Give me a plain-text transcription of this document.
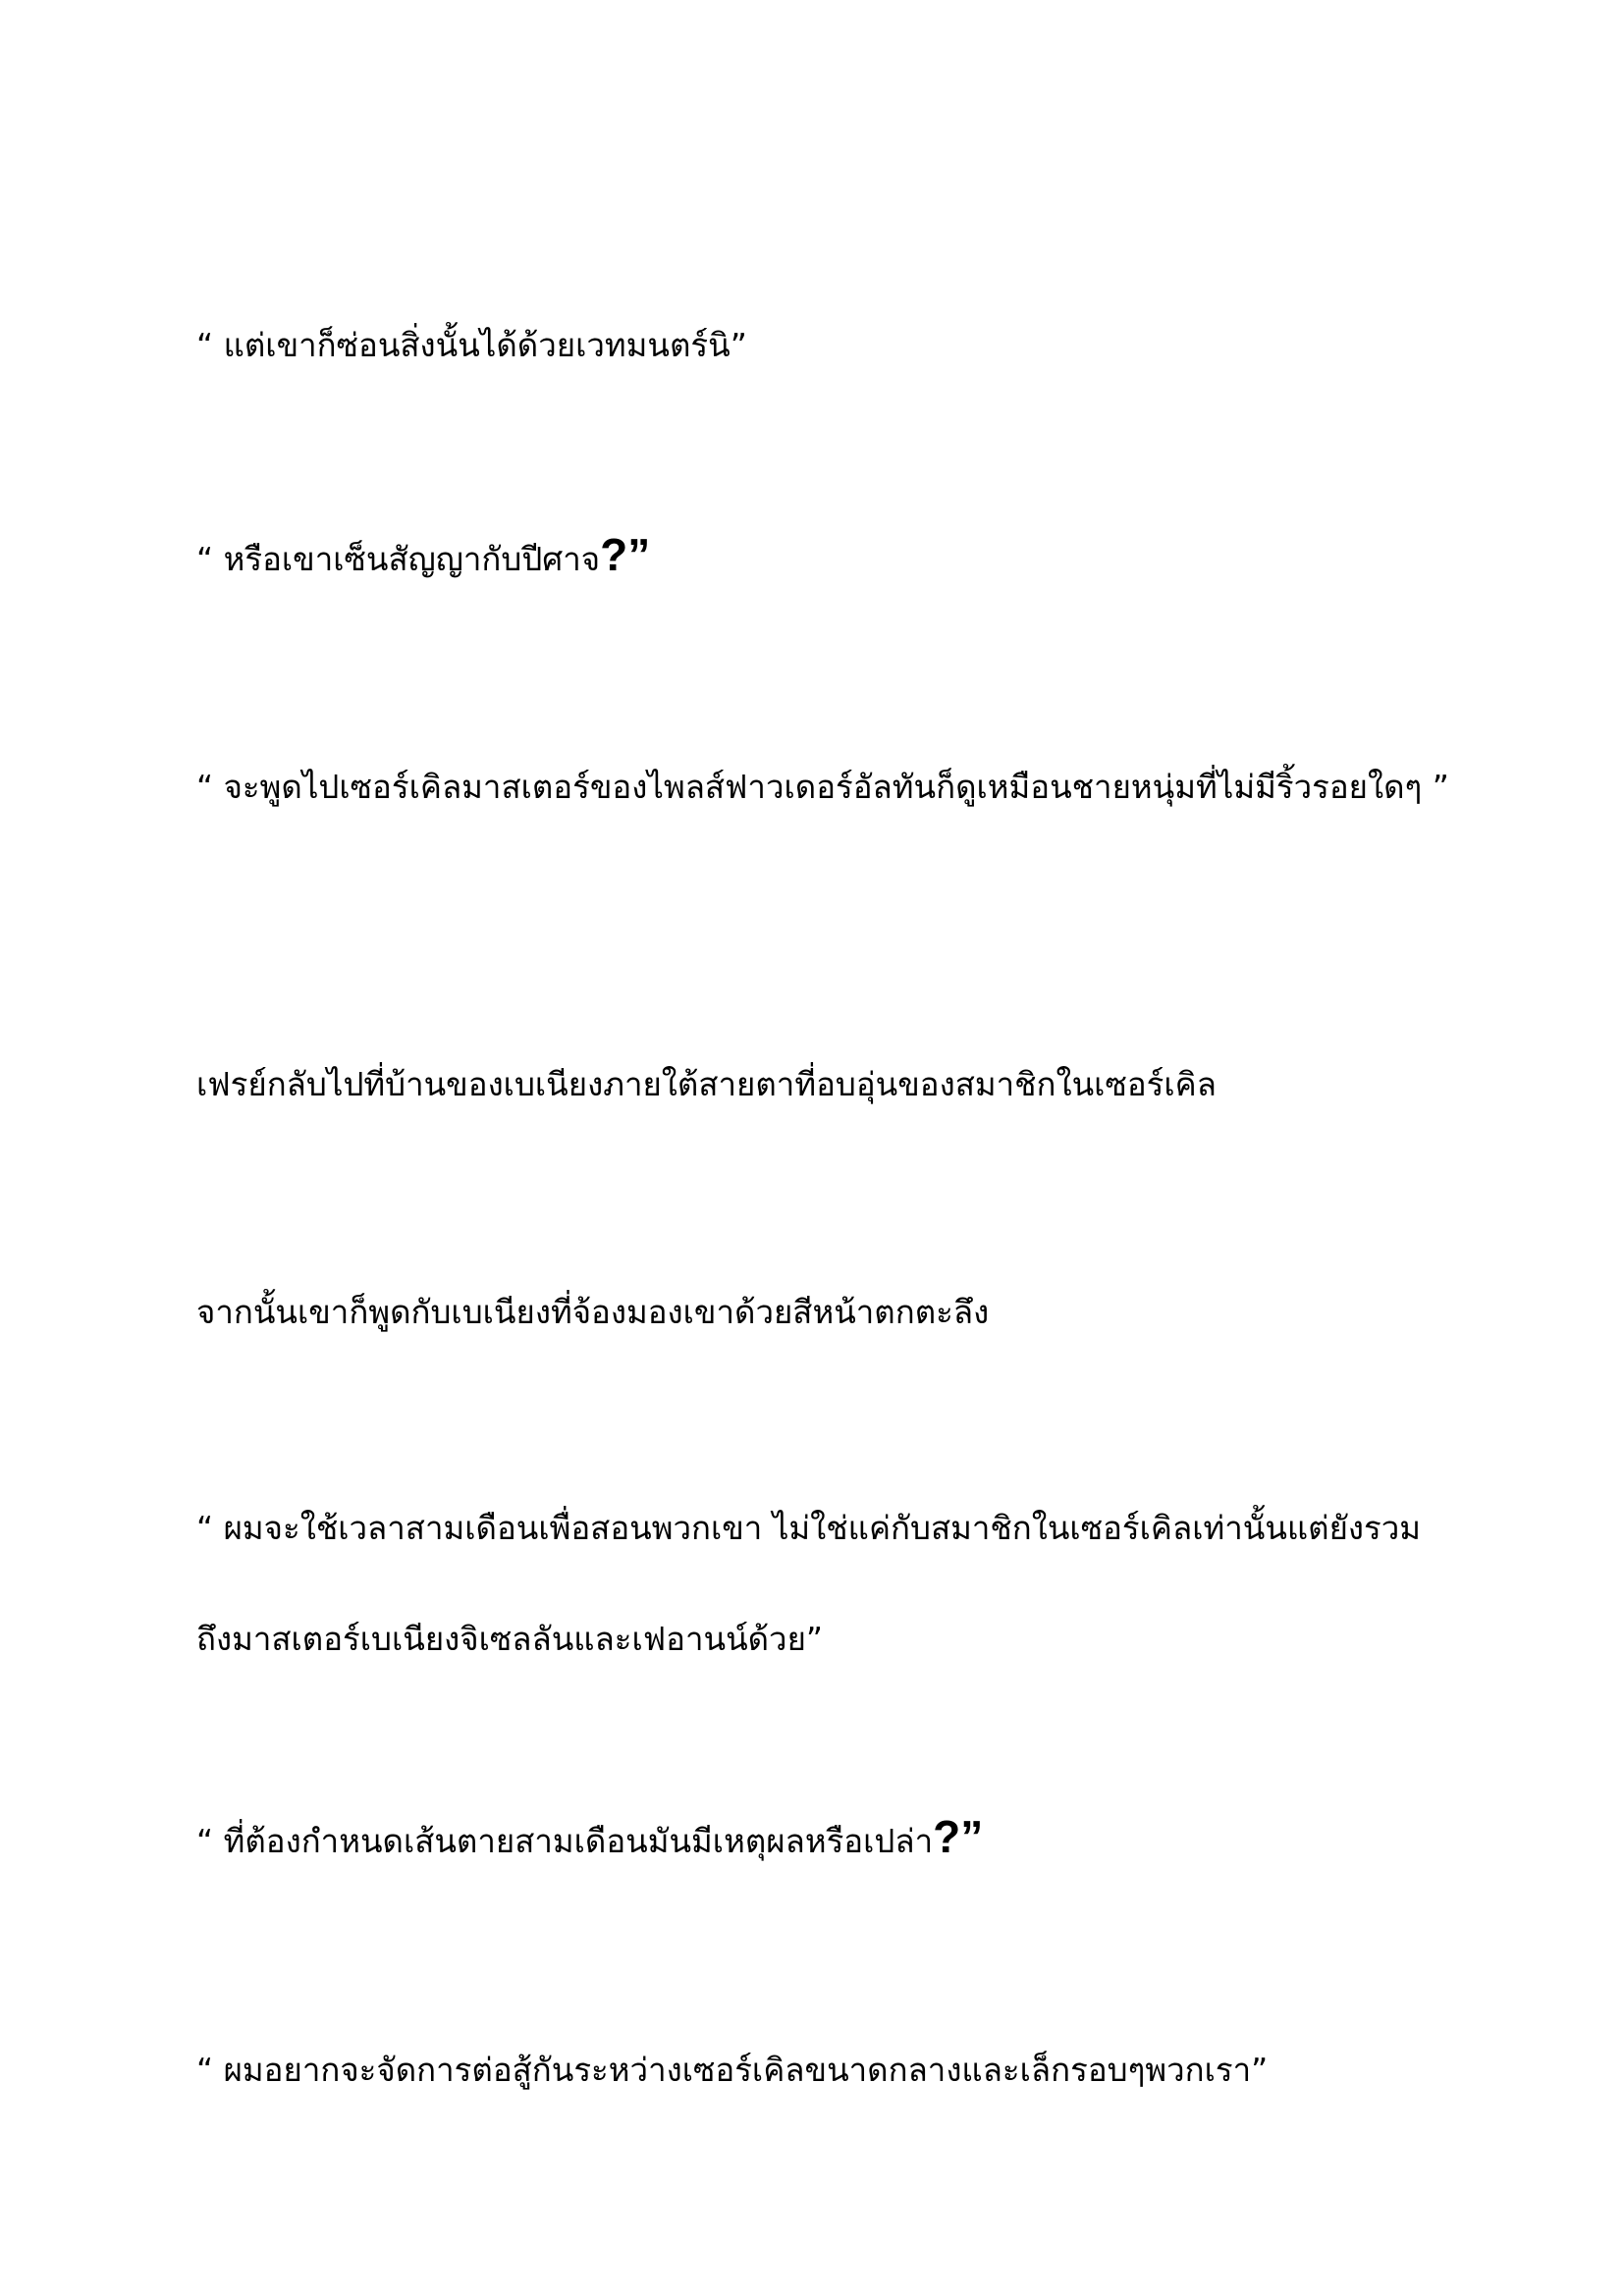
“ แต่เขาก็ซ่อนสิ่งนั้นได้ด้วยเวทมนตร์นิ”

“ หรือเขาเซ็นสัญญากับปีศาจ?”

“ จะพูดไปเซอร์เคิลมาสเตอร์ของไพลส์ฟาวเดอร์อัลทันก็ดูเหมือนชายหนุ่มที่ไม่มีริ้วรอยใดๆ ”

เฟรย์กลับไปที่บ้านของเบเนียงภายใต้สายตาที่อบอุ่นของสมาชิกในเซอร์เคิล

จากนั้นเขาก็พูดกับเบเนียงที่จ้องมองเขาด้วยสีหน้าตกตะลึง

“ ผมจะใช้เวลาสามเดือนเพื่อสอนพวกเขา ไม่ใช่แค่กับสมาชิกในเซอร์เคิลเท่านั้นแต่ยังรวมถึงมาสเตอร์เบเนียงจิเซลลันและเฟอานน์ด้วย”

“ ที่ต้องกำหนดเส้นตายสามเดือนมันมีเหตุผลหรือเปล่า?”

“ ผมอยากจะจัดการต่อสู้กันระหว่างเซอร์เคิลขนาดกลางและเล็กรอบๆพวกเรา”
